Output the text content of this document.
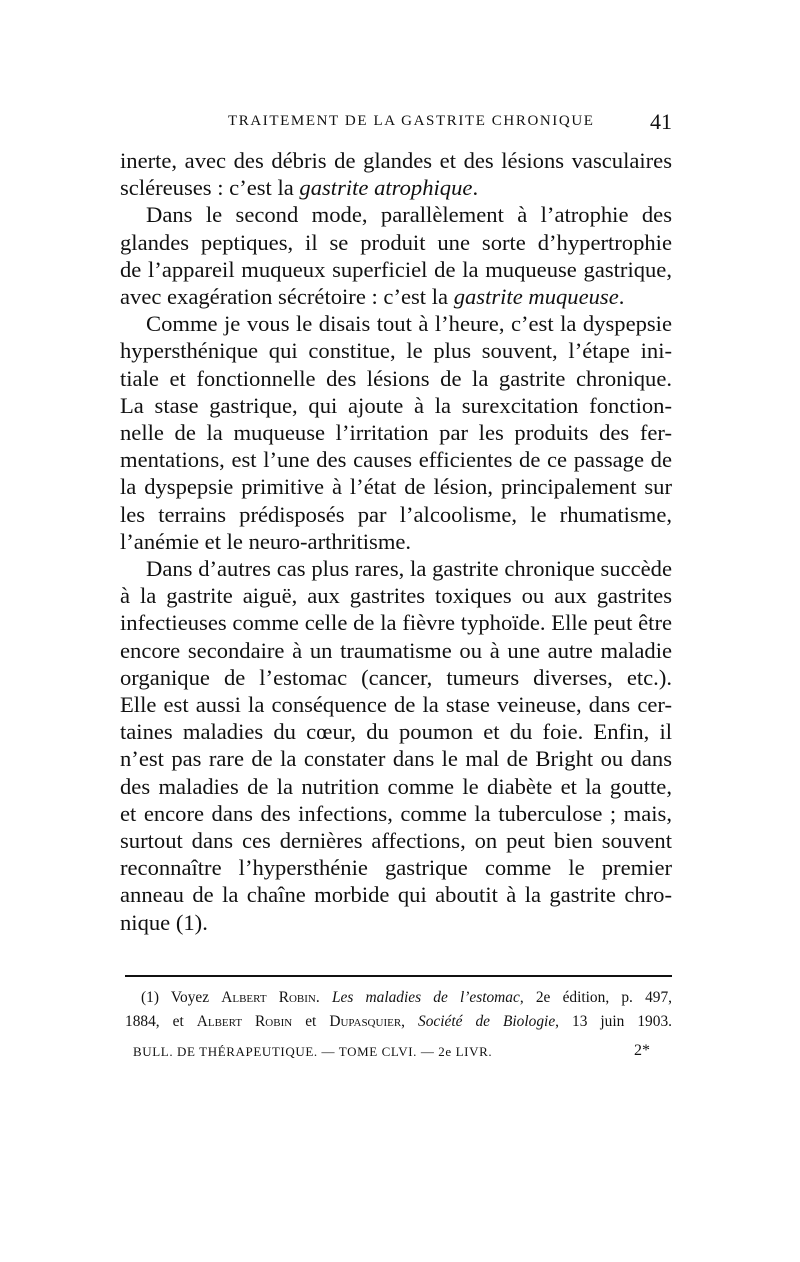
TRAITEMENT DE LA GASTRITE CHRONIQUE	41
inerte, avec des débris de glandes et des lésions vasculaires
scléreuses : c’est la gastrite atrophique.
Dans le second mode, parallèlement à l’atrophie des
glandes peptiques, il se produit une sorte d’hypertrophie
de l’appareil muqueux superficiel de la muqueuse gastrique,
avec exagération sécrétoire : c’est la gastrite muqueuse.
Comme je vous le disais tout à l’heure, c’est la dyspepsie
hypersthénique qui constitue, le plus souvent, l’étape ini-
tiale et fonctionnelle des lésions de la gastrite chronique.
La stase gastrique, qui ajoute à la surexcitation fonction-
nelle de la muqueuse l’irritation par les produits des fer-
mentations, est l’une des causes efficientes de ce passage de
la dyspepsie primitive à l’état de lésion, principalement sur
les terrains prédisposés par l’alcoolisme, le rhumatisme,
l’anémie et le neuro-arthritisme.
Dans d’autres cas plus rares, la gastrite chronique succède
à la gastrite aiguë, aux gastrites toxiques ou aux gastrites
infectieuses comme celle de la fièvre typhoïde. Elle peut être
encore secondaire à un traumatisme ou à une autre maladie
organique de l’estomac (cancer, tumeurs diverses, etc.).
Elle est aussi la conséquence de la stase veineuse, dans cer-
taines maladies du cœur, du poumon et du foie. Enfin, il
n’est pas rare de la constater dans le mal de Bright ou dans
des maladies de la nutrition comme le diabète et la goutte,
et encore dans des infections, comme la tuberculose ; mais,
surtout dans ces dernières affections, on peut bien souvent
reconnaître l’hypersthénie gastrique comme le premier
anneau de la chaîne morbide qui aboutit à la gastrite chro-
nique (1).
(1) Voyez Albert Robin. Les maladies de l’estomac, 2e édition, p. 497,
1884, et Albert Robin et Dupasquier, Société de Biologie, 13 juin 1903.
BULL. DE THÉRAPEUTIQUE. — TOME CLVI. — 2e LIVR.	2*
